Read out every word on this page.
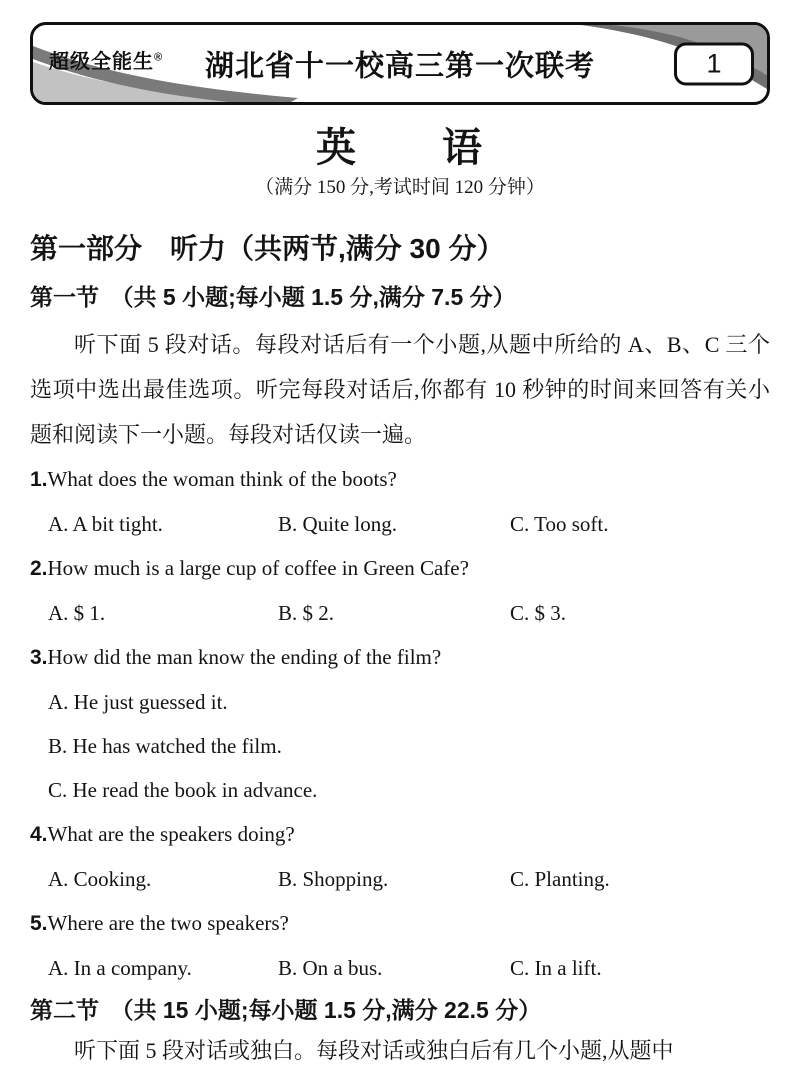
超级全能生® 湖北省十一校高三第一次联考	1
英　　语
（满分 150 分,考试时间 120 分钟）
第一部分　听力（共两节,满分 30 分）
第一节　（共 5 小题;每小题 1.5 分,满分 7.5 分）

听下面 5 段对话。每段对话后有一个小题,从题中所给的 A、B、C 三个选项中选出最佳选项。听完每段对话后,你都有 10 秒钟的时间来回答有关小题和阅读下一小题。每段对话仅读一遍。

1.What does the woman think of the boots?
A. A bit tight.	B. Quite long.	C. Too soft.
2.How much is a large cup of coffee in Green Cafe?
A. $ 1.	B. $ 2.	C. $ 3.
3.How did the man know the ending of the film?
A. He just guessed it.
B. He has watched the film.
C. He read the book in advance.
4.What are the speakers doing?
A. Cooking.	B. Shopping.	C. Planting.
5.Where are the two speakers?
A. In a company.	B. On a bus.	C. In a lift.
第二节　（共 15 小题;每小题 1.5 分,满分 22.5 分）

听下面 5 段对话或独白。每段对话或独白后有几个小题,从题中
